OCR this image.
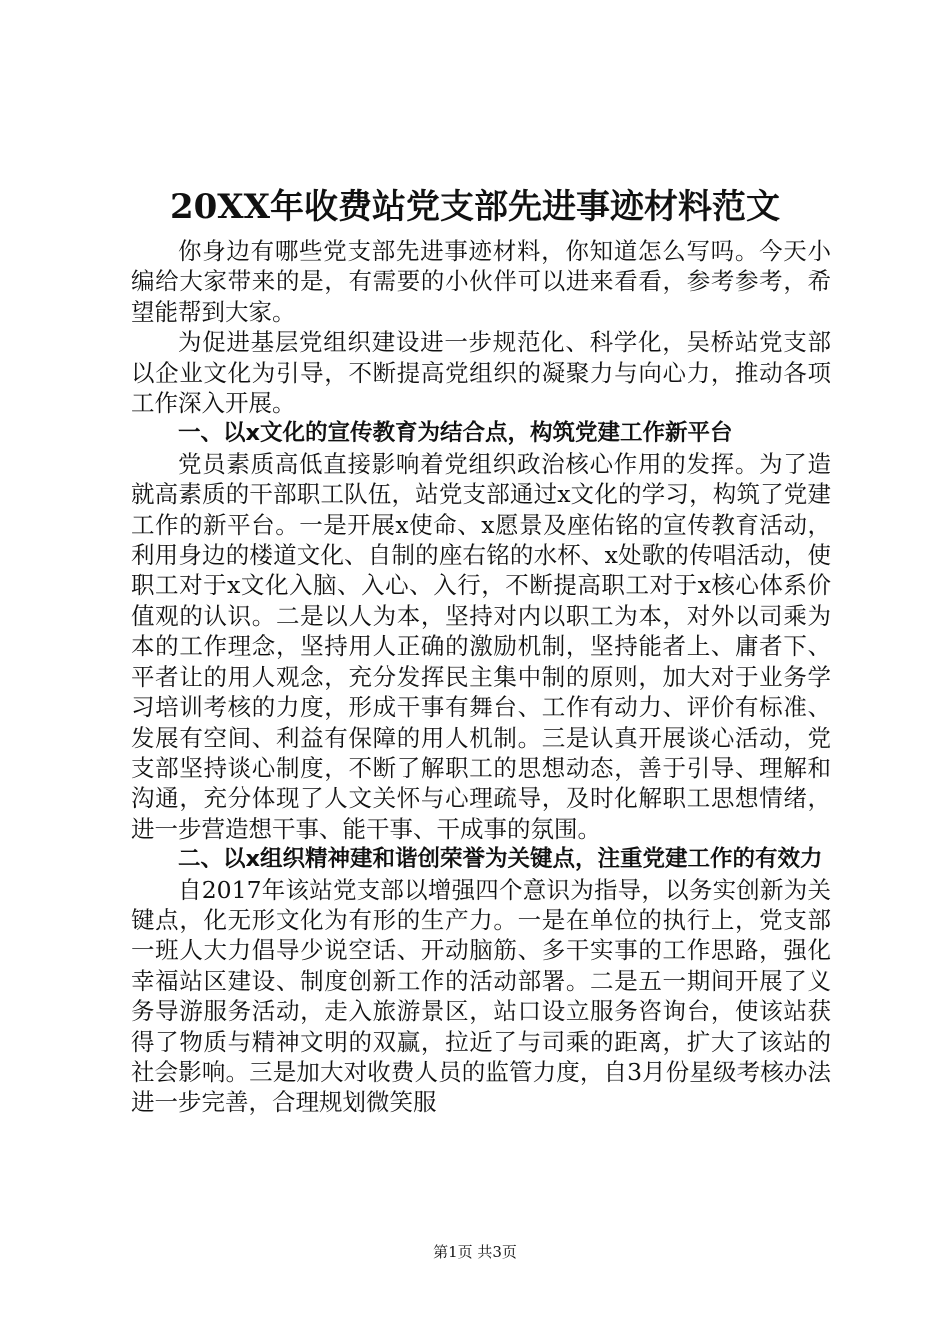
20XX年收费站党支部先进事迹材料范文

你身边有哪些党支部先进事迹材料，你知道怎么写吗。今天小编给大家带来的是，有需要的小伙伴可以进来看看，参考参考，希望能帮到大家。

为促进基层党组织建设进一步规范化、科学化，吴桥站党支部以企业文化为引导，不断提高党组织的凝聚力与向心力，推动各项工作深入开展。

一、以x文化的宣传教育为结合点，构筑党建工作新平台

党员素质高低直接影响着党组织政治核心作用的发挥。为了造就高素质的干部职工队伍，站党支部通过x文化的学习，构筑了党建工作的新平台。一是开展x使命、x愿景及座佑铭的宣传教育活动，利用身边的楼道文化、自制的座右铭的水杯、x处歌的传唱活动，使职工对于x文化入脑、入心、入行，不断提高职工对于x核心体系价值观的认识。二是以人为本，坚持对内以职工为本，对外以司乘为本的工作理念，坚持用人正确的激励机制，坚持能者上、庸者下、平者让的用人观念，充分发挥民主集中制的原则，加大对于业务学习培训考核的力度，形成干事有舞台、工作有动力、评价有标准、发展有空间、利益有保障的用人机制。三是认真开展谈心活动，党支部坚持谈心制度，不断了解职工的思想动态，善于引导、理解和沟通，充分体现了人文关怀与心理疏导，及时化解职工思想情绪，进一步营造想干事、能干事、干成事的氛围。

二、以x组织精神建和谐创荣誉为关键点，注重党建工作的有效力

自2017年该站党支部以增强四个意识为指导，以务实创新为关键点，化无形文化为有形的生产力。一是在单位的执行上，党支部一班人大力倡导少说空话、开动脑筋、多干实事的工作思路，强化幸福站区建设、制度创新工作的活动部署。二是五一期间开展了义务导游服务活动，走入旅游景区，站口设立服务咨询台，使该站获得了物质与精神文明的双赢，拉近了与司乘的距离，扩大了该站的社会影响。三是加大对收费人员的监管力度，自3月份星级考核办法进一步完善，合理规划微笑服

第1页 共3页
